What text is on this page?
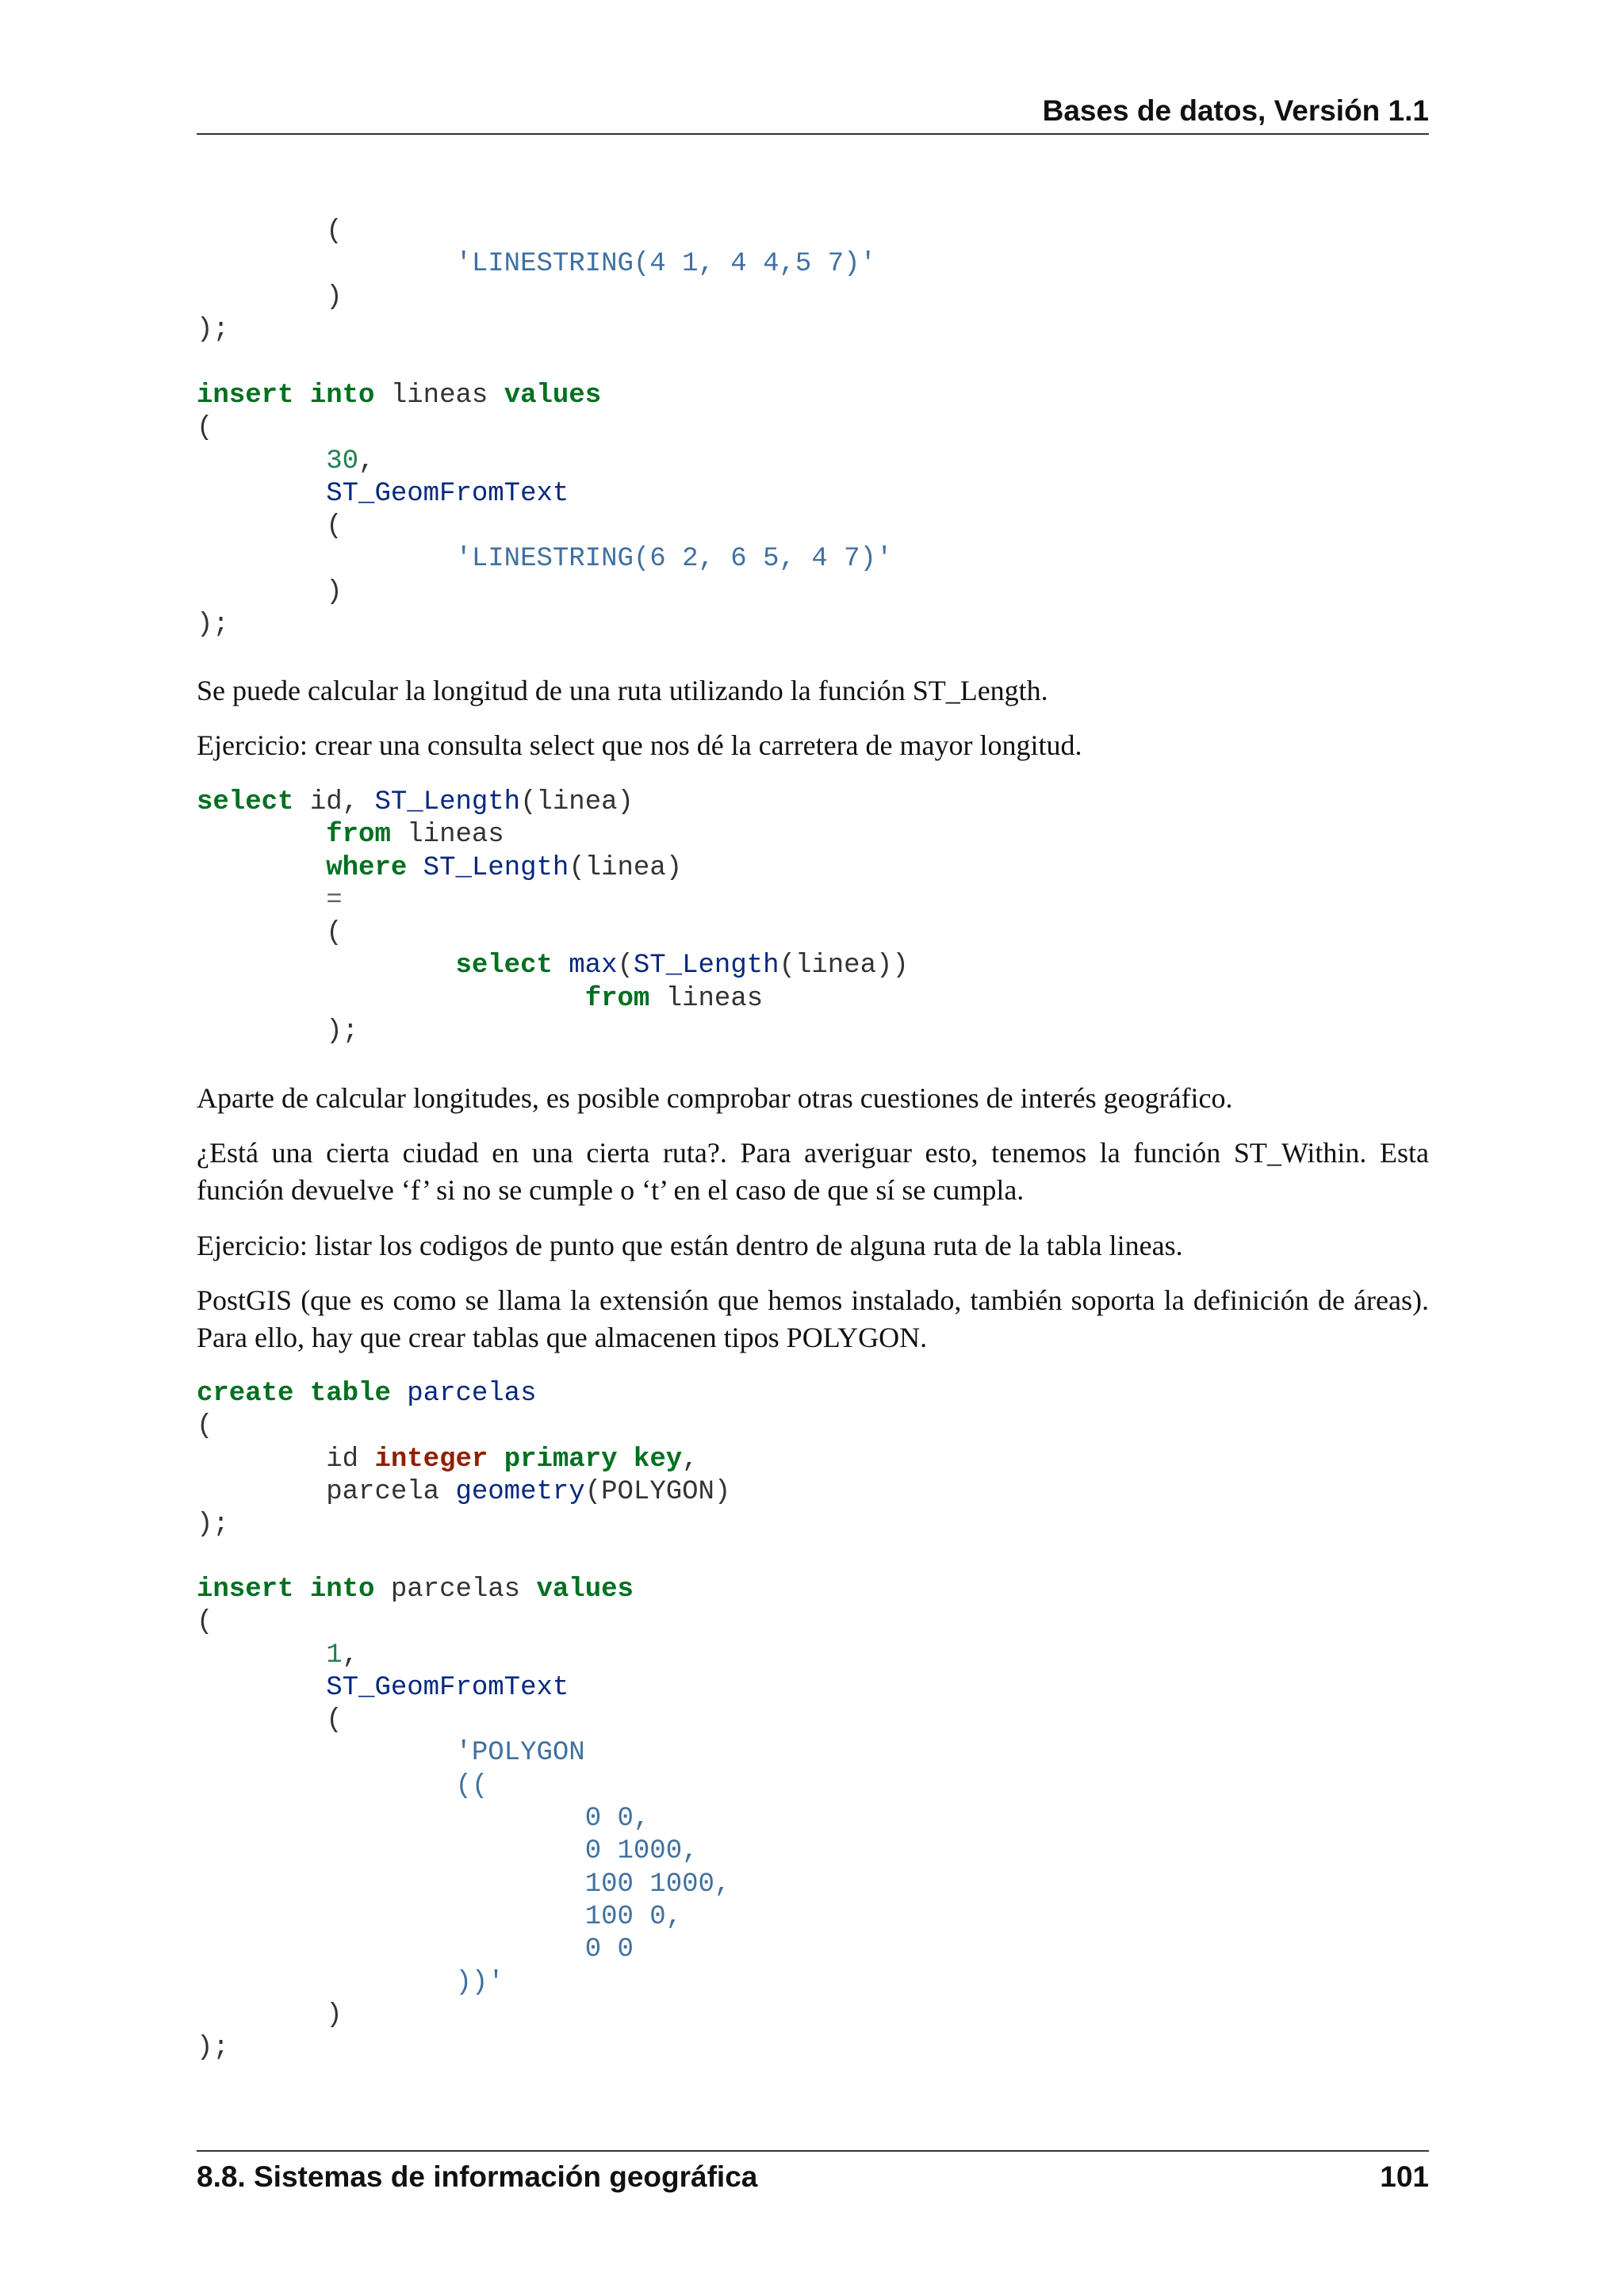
Bases de datos, Versión 1.1
(
'LINESTRING(4 1, 4 4,5 7)'
)
);
insert into lineas values
(
30,
ST_GeomFromText
(
'LINESTRING(6 2, 6 5, 4 7)'
)
);

Se puede calcular la longitud de una ruta utilizando la función ST_Length.

Ejercicio: crear una consulta select que nos dé la carretera de mayor longitud.

select id, ST_Length(linea)
from lineas
where ST_Length(linea)
=
(
select max(ST_Length(linea))
from lineas
);

Aparte de calcular longitudes, es posible comprobar otras cuestiones de interés geográfico.

¿Está una cierta ciudad en una cierta ruta?. Para averiguar esto, tenemos la función ST_Within. Esta función devuelve ‘f’ si no se cumple o ‘t’ en el caso de que sí se cumpla.

Ejercicio: listar los codigos de punto que están dentro de alguna ruta de la tabla lineas.

PostGIS (que es como se llama la extensión que hemos instalado, también soporta la definición de áreas). Para ello, hay que crear tablas que almacenen tipos POLYGON.

create table parcelas
(
id integer primary key,
parcela geometry(POLYGON)
);
insert into parcelas values
(
1,
ST_GeomFromText
(
'POLYGON
((
0 0,
0 1000,
100 1000,
100 0,
0 0
))'
)
);
8.8. Sistemas de información geográfica	101
